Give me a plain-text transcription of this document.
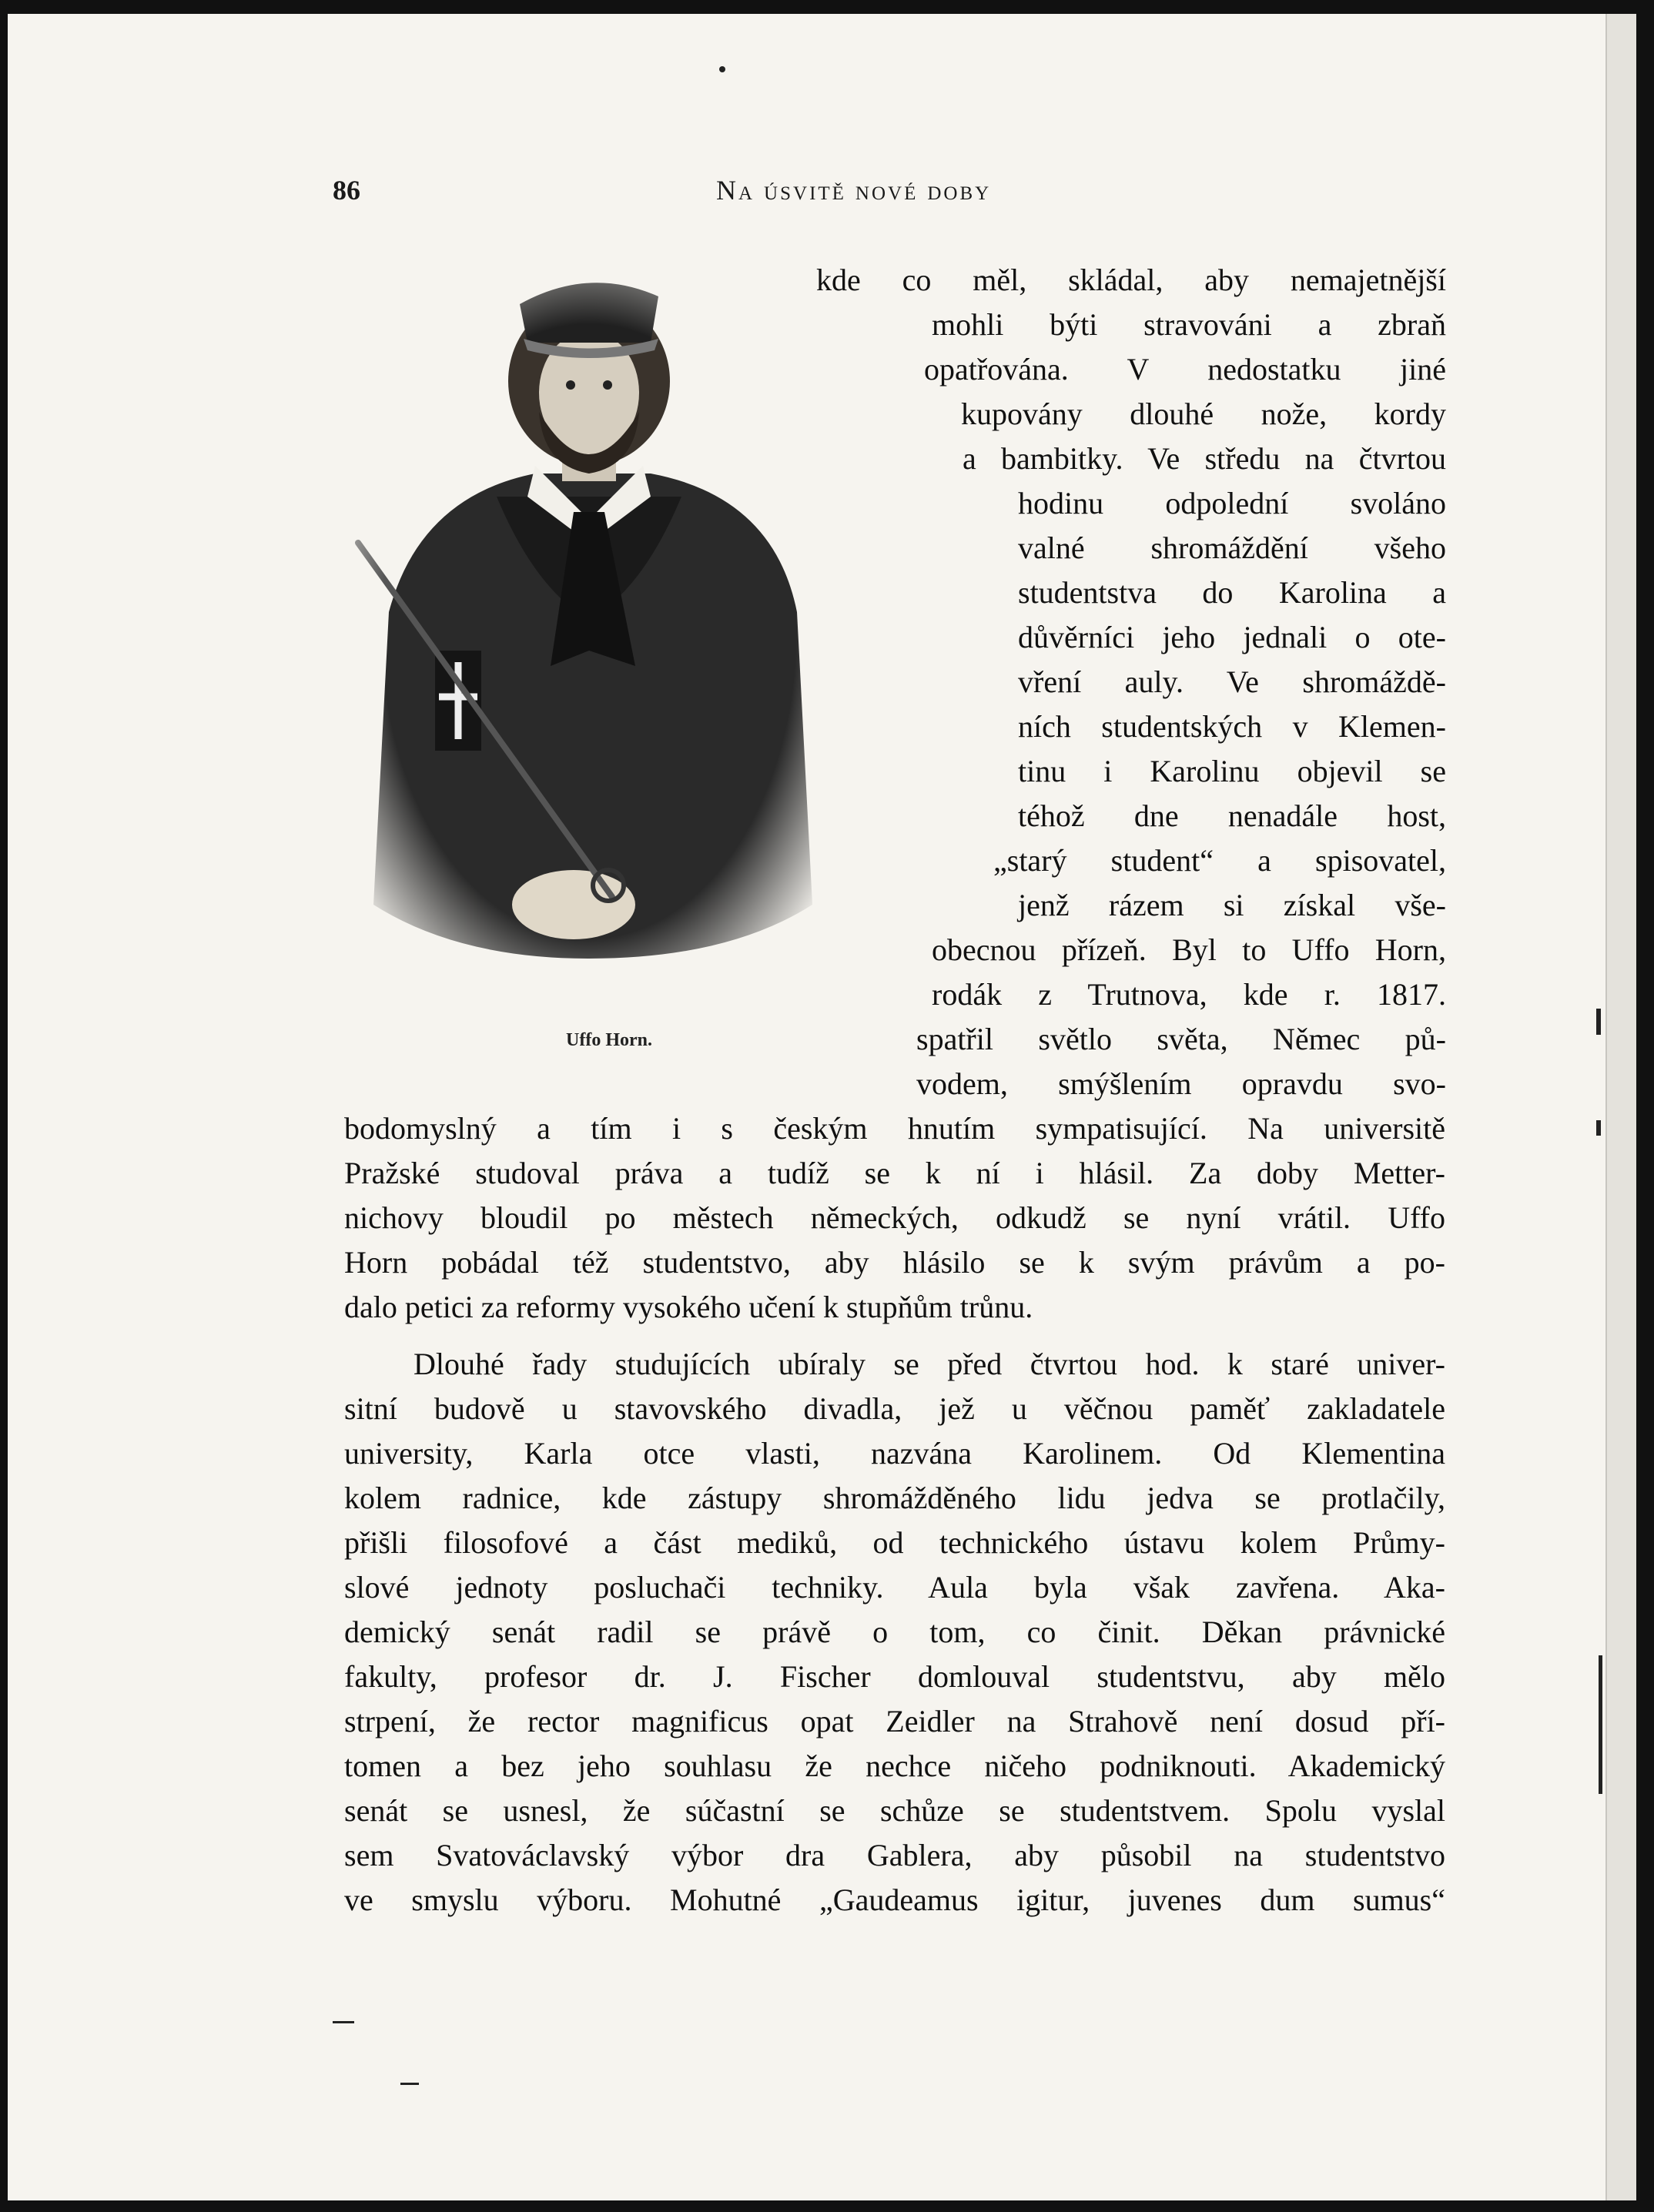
86	Na úsvitě nové doby
Uffo Horn.
kde co měl, skládal, aby nemajetnější
mohli býti stravováni a zbraň
opatřována. V nedostatku jiné
kupovány dlouhé nože, kordy
a bambitky. Ve středu na čtvrtou
hodinu odpolední svoláno
valné shromáždění všeho
studentstva do Karolina a
důvěrníci jeho jednali o ote-
vření auly. Ve shromáždě-
ních studentských v Klemen-
tinu i Karolinu objevil se
téhož dne nenadále host,
„starý student“ a spisovatel,
jenž rázem si získal vše-
obecnou přízeň. Byl to Uffo Horn,
rodák z Trutnova, kde r. 1817.
spatřil světlo světa, Němec pů-
vodem, smýšlením opravdu svo-
bodomyslný a tím i s českým hnutím sympatisující. Na universitě
Pražské studoval práva a tudíž se k ní i hlásil. Za doby Metter-
nichovy bloudil po městech německých, odkudž se nyní vrátil. Uffo
Horn pobádal též studentstvo, aby hlásilo se k svým právům a po-
dalo petici za reformy vysokého učení k stupňům trůnu.
Dlouhé řady studujících ubíraly se před čtvrtou hod. k staré univer-
sitní budově u stavovského divadla, jež u věčnou paměť zakladatele
university, Karla otce vlasti, nazvána Karolinem. Od Klementina
kolem radnice, kde zástupy shromážděného lidu jedva se protlačily,
přišli filosofové a část mediků, od technického ústavu kolem Průmy-
slové jednoty posluchači techniky. Aula byla však zavřena. Aka-
demický senát radil se právě o tom, co činit. Děkan právnické
fakulty, profesor dr. J. Fischer domlouval studentstvu, aby mělo
strpení, že rector magnificus opat Zeidler na Strahově není dosud pří-
tomen a bez jeho souhlasu že nechce ničeho podniknouti. Akademický
senát se usnesl, že súčastní se schůze se studentstvem. Spolu vyslal
sem Svatováclavský výbor dra Gablera, aby působil na studentstvo
ve smyslu výboru. Mohutné „Gaudeamus igitur, juvenes dum sumus“
